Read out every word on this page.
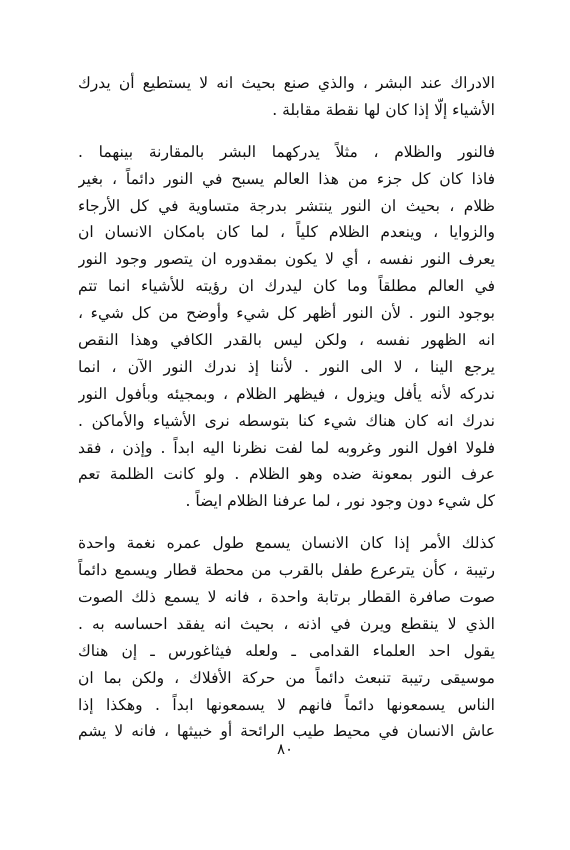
الادراك عند البشر ، والذي صنع بحيث انه لا يستطيع أن يدرك
الأشياء إلّا إذا كان لها نقطة مقابلة .
فالنور والظلام ، مثلاً يدركهما البشر بالمقارنة بينهما .
فاذا كان كل جزء من هذا العالم يسبح في النور دائماً ، بغير
ظلام ، بحيث ان النور ينتشر بدرجة متساوية في كل الأرجاء
والزوايا ، وينعدم الظلام كلياً ، لما كان بامكان الانسان ان
يعرف النور نفسه ، أي لا يكون بمقدوره ان يتصور وجود النور
في العالم مطلقاً وما كان ليدرك ان رؤيته للأشياء انما تتم
بوجود النور . لأن النور أظهر كل شيء وأوضح من كل شيء ،
انه الظهور نفسه ، ولكن ليس بالقدر الكافي وهذا النقص
يرجع الينا ، لا الى النور . لأننا إذ ندرك النور الآن ، انما
ندركه لأنه يأفل ويزول ، فيظهر الظلام ، وبمجيئه وبأفول النور
ندرك انه كان هناك شيء كنا بتوسطه نرى الأشياء والأماكن .
فلولا افول النور وغروبه لما لفت نظرنا اليه ابداً . وإذن ، فقد
عرف النور بمعونة ضده وهو الظلام . ولو كانت الظلمة تعم
كل شيء دون وجود نور ، لما عرفنا الظلام ايضاً .
كذلك الأمر إذا كان الانسان يسمع طول عمره نغمة واحدة
رتيبة ، كأن يترعرع طفل بالقرب من محطة قطار ويسمع دائماً
صوت صافرة القطار برتابة واحدة ، فانه لا يسمع ذلك الصوت
الذي لا ينقطع ويرن في اذنه ، بحيث انه يفقد احساسه به .
يقول احد العلماء القدامى ـ ولعله فيثاغورس ـ إن هناك
موسيقى رتيبة تنبعث دائماً من حركة الأفلاك ، ولكن بما ان
الناس يسمعونها دائماً فانهم لا يسمعونها ابداً . وهكذا إذا
عاش الانسان في محيط طيب الرائحة أو خبيثها ، فانه لا يشم
٨٠
